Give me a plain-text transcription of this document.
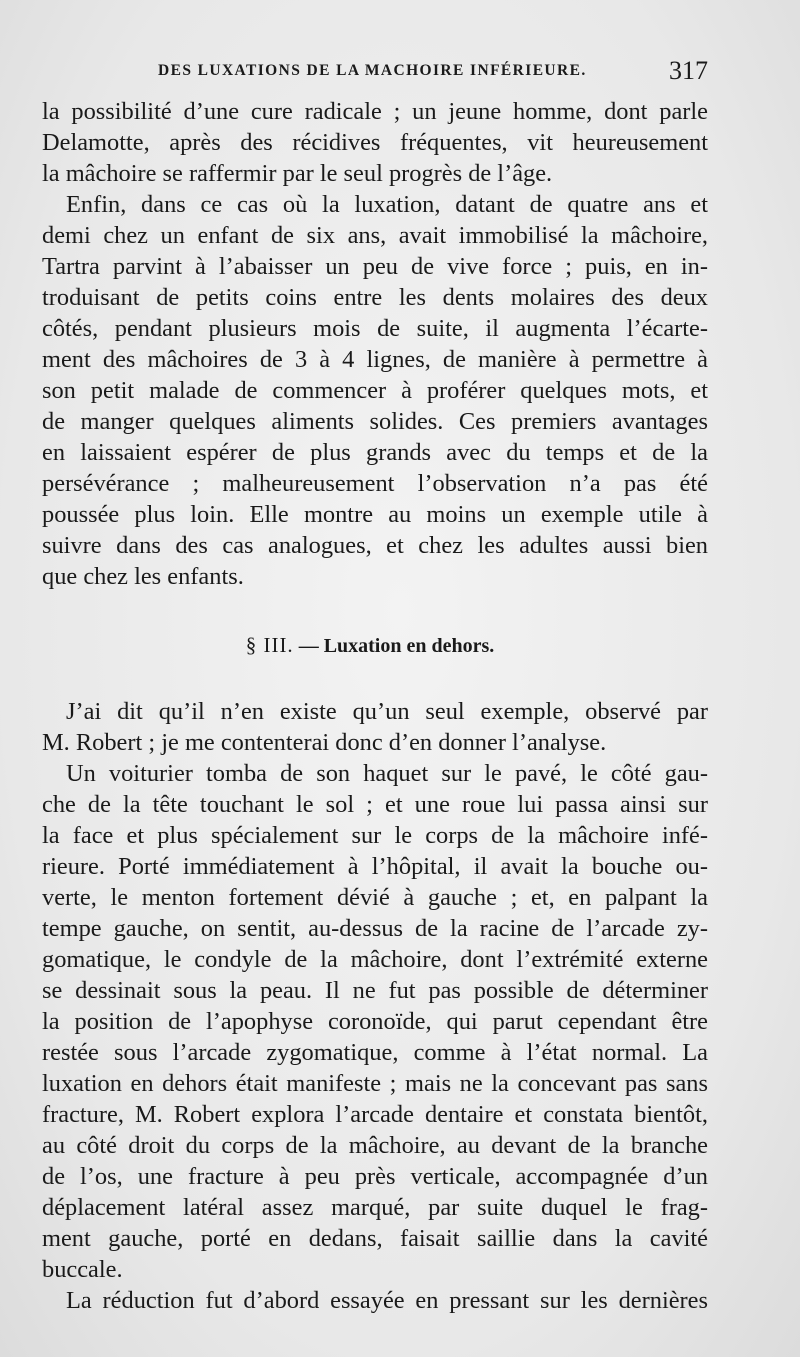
DES LUXATIONS DE LA MACHOIRE INFÉRIEURE.	317
la possibilité d’une cure radicale ; un jeune homme, dont parle
Delamotte, après des récidives fréquentes, vit heureusement
la mâchoire se raffermir par le seul progrès de l’âge.
Enfin, dans ce cas où la luxation, datant de quatre ans et
demi chez un enfant de six ans, avait immobilisé la mâchoire,
Tartra parvint à l’abaisser un peu de vive force ; puis, en in-
troduisant de petits coins entre les dents molaires des deux
côtés, pendant plusieurs mois de suite, il augmenta l’écarte-
ment des mâchoires de 3 à 4 lignes, de manière à permettre à
son petit malade de commencer à proférer quelques mots, et
de manger quelques aliments solides. Ces premiers avantages
en laissaient espérer de plus grands avec du temps et de la
persévérance ; malheureusement l’observation n’a pas été
poussée plus loin. Elle montre au moins un exemple utile à
suivre dans des cas analogues, et chez les adultes aussi bien
que chez les enfants.
§ III. — Luxation en dehors.
J’ai dit qu’il n’en existe qu’un seul exemple, observé par
M. Robert ; je me contenterai donc d’en donner l’analyse.
Un voiturier tomba de son haquet sur le pavé, le côté gau-
che de la tête touchant le sol ; et une roue lui passa ainsi sur
la face et plus spécialement sur le corps de la mâchoire infé-
rieure. Porté immédiatement à l’hôpital, il avait la bouche ou-
verte, le menton fortement dévié à gauche ; et, en palpant la
tempe gauche, on sentit, au-dessus de la racine de l’arcade zy-
gomatique, le condyle de la mâchoire, dont l’extrémité externe
se dessinait sous la peau. Il ne fut pas possible de déterminer
la position de l’apophyse coronoïde, qui parut cependant être
restée sous l’arcade zygomatique, comme à l’état normal. La
luxation en dehors était manifeste ; mais ne la concevant pas sans
fracture, M. Robert explora l’arcade dentaire et constata bientôt,
au côté droit du corps de la mâchoire, au devant de la branche
de l’os, une fracture à peu près verticale, accompagnée d’un
déplacement latéral assez marqué, par suite duquel le frag-
ment gauche, porté en dedans, faisait saillie dans la cavité
buccale.
La réduction fut d’abord essayée en pressant sur les dernières
